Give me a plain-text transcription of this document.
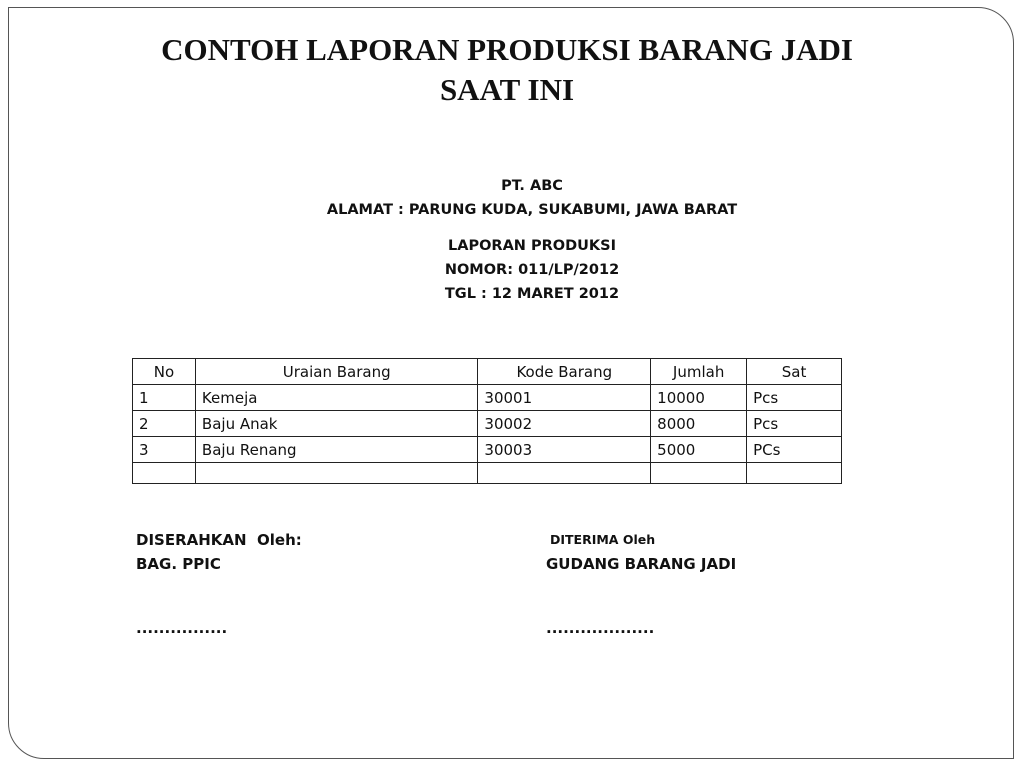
CONTOH LAPORAN PRODUKSI BARANG JADI
SAAT INI
PT. ABC
ALAMAT : PARUNG KUDA, SUKABUMI, JAWA BARAT
LAPORAN PRODUKSI
NOMOR: 011/LP/2012
TGL : 12 MARET 2012
No	Uraian Barang	Kode Barang	Jumlah	Sat
1	Kemeja	30001	10000	Pcs
2	Baju Anak	30002	8000	Pcs
3	Baju Renang	30003	5000	PCs

DISERAHKAN  Oleh:
BAG. PPIC
................
DITERIMA Oleh
GUDANG BARANG JADI
...................
